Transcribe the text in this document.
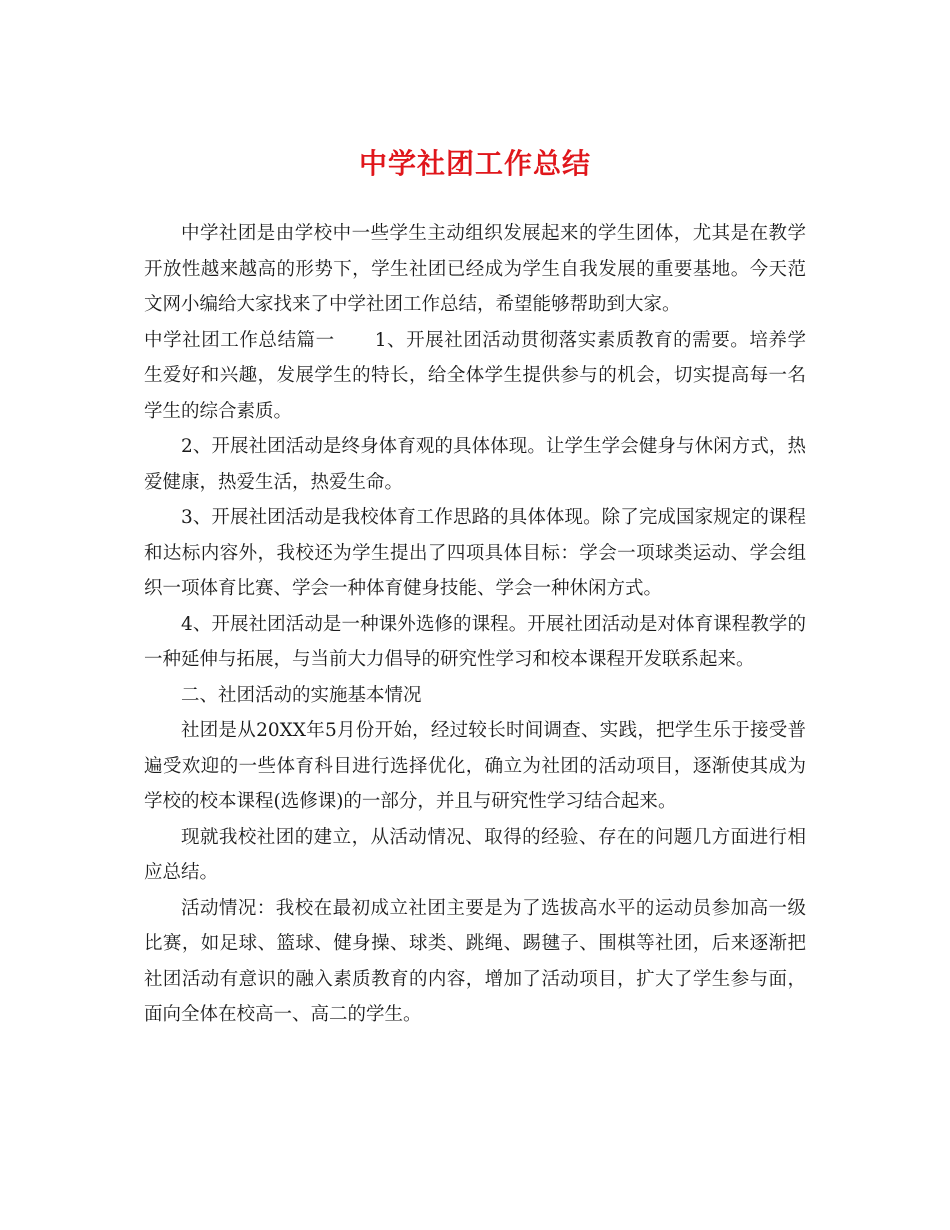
中学社团工作总结

中学社团是由学校中一些学生主动组织发展起来的学生团体，尤其是在教学开放性越来越高的形势下，学生社团已经成为学生自我发展的重要基地。今天范文网小编给大家找来了中学社团工作总结，希望能够帮助到大家。

中学社团工作总结篇一 1、开展社团活动贯彻落实素质教育的需要。培养学生爱好和兴趣，发展学生的特长，给全体学生提供参与的机会，切实提高每一名学生的综合素质。

2、开展社团活动是终身体育观的具体体现。让学生学会健身与休闲方式，热爱健康，热爱生活，热爱生命。

3、开展社团活动是我校体育工作思路的具体体现。除了完成国家规定的课程和达标内容外，我校还为学生提出了四项具体目标：学会一项球类运动、学会组织一项体育比赛、学会一种体育健身技能、学会一种休闲方式。

4、开展社团活动是一种课外选修的课程。开展社团活动是对体育课程教学的一种延伸与拓展，与当前大力倡导的研究性学习和校本课程开发联系起来。

二、社团活动的实施基本情况

社团是从20XX年5月份开始，经过较长时间调查、实践，把学生乐于接受普遍受欢迎的一些体育科目进行选择优化，确立为社团的活动项目，逐渐使其成为学校的校本课程(选修课)的一部分，并且与研究性学习结合起来。

现就我校社团的建立，从活动情况、取得的经验、存在的问题几方面进行相应总结。

活动情况：我校在最初成立社团主要是为了选拔高水平的运动员参加高一级比赛，如足球、篮球、健身操、球类、跳绳、踢毽子、围棋等社团，后来逐渐把社团活动有意识的融入素质教育的内容，增加了活动项目，扩大了学生参与面，面向全体在校高一、高二的学生。
